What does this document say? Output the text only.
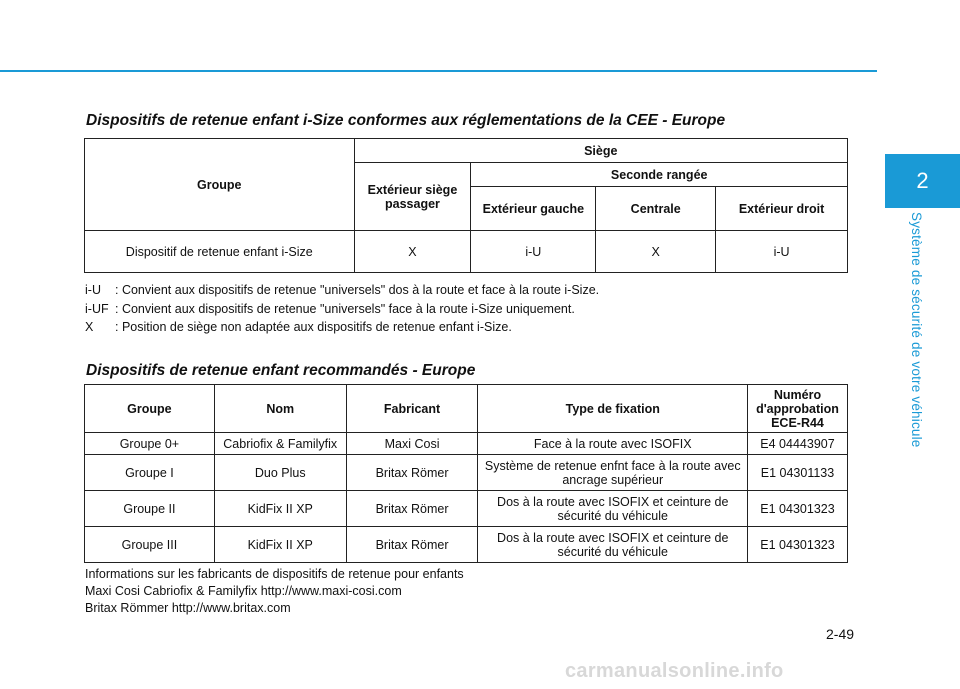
2
Système de sécurité de votre véhicule
Dispositifs de retenue enfant i-Size conformes aux réglementations de la CEE - Europe
Groupe	Siège			
	Extérieur siège passager	Seconde rangée		
		Extérieur gauche	Centrale	Extérieur droit
Dispositif de retenue enfant i-Size	X	i-U	X	i-U
i-U	: Convient aux dispositifs de retenue "universels" dos à la route et face à la route i-Size.
i-UF : Convient aux dispositifs de retenue "universels" face à la route i-Size uniquement.
X	: Position de siège non adaptée aux dispositifs de retenue enfant i-Size.
Dispositifs de retenue enfant recommandés - Europe
Groupe	Nom	Fabricant	Type de fixation	Numéro d'approbation ECE-R44
Groupe 0+	Cabriofix & Familyfix	Maxi Cosi	Face à la route avec ISOFIX	E4 04443907
Groupe I	Duo Plus	Britax Römer	Système de retenue enfnt face à la route avec ancrage supérieur	E1 04301133
Groupe II	KidFix II XP	Britax Römer	Dos à la route avec ISOFIX et ceinture de sécurité du véhicule	E1 04301323
Groupe III	KidFix II XP	Britax Römer	Dos à la route avec ISOFIX et ceinture de sécurité du véhicule	E1 04301323
Informations sur les fabricants de dispositifs de retenue pour enfants
Maxi Cosi Cabriofix & Familyfix http://www.maxi-cosi.com
Britax Römmer http://www.britax.com
2-49
carmanualsonline.info
